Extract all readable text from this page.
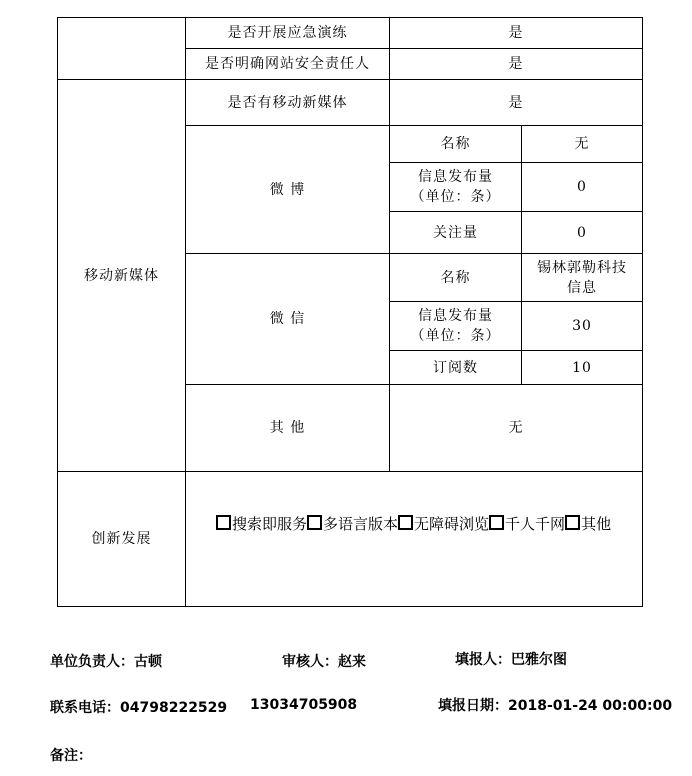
	是否开展应急演练	是	
	是否明确网站安全责任人	是	
移动新媒体	是否有移动新媒体	是	
	微 博	名称	无

		信息发布量
（单位：条）	0
		关注量	0
	微 信	名称	锡林郭勒科技
信息

		信息发布量
（单位：条）	30
		订阅数	10
	其 他	无	
创新发展	搜索即服务 多语言版本 无障碍浏览 千人千网 其他		
单位负责人：古顿	审核人：赵来	填报人：巴雅尔图
联系电话：04798222529 13034705908	填报日期：2018-01-24 00:00:00
备注：
